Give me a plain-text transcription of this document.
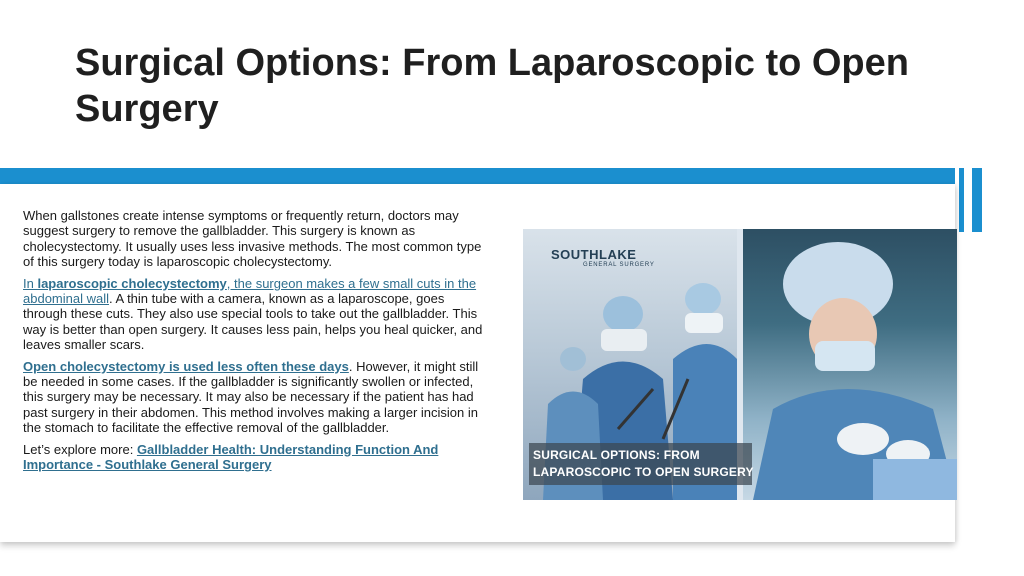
Surgical Options: From Laparoscopic to Open Surgery

When gallstones create intense symptoms or frequently return, doctors may suggest surgery to remove the gallbladder. This surgery is known as cholecystectomy. It usually uses less invasive methods. The most common type of this surgery today is laparoscopic cholecystectomy.

In laparoscopic cholecystectomy, the surgeon makes a few small cuts in the abdominal wall. A thin tube with a camera, known as a laparoscope, goes through these cuts. They also use special tools to take out the gallbladder. This way is better than open surgery. It causes less pain, helps you heal quicker, and leaves smaller scars.

Open cholecystectomy is used less often these days. However, it might still be needed in some cases. If the gallbladder is significantly swollen or infected, this surgery may be necessary. It may also be necessary if the patient has had past surgery in their abdomen. This method involves making a larger incision in the stomach to facilitate the effective removal of the gallbladder.

Let’s explore more: Gallbladder Health: Understanding Function And Importance - Southlake General Surgery

SOUTHLAKE
GENERAL SURGERY
SURGICAL OPTIONS: FROM
LAPAROSCOPIC TO OPEN SURGERY
